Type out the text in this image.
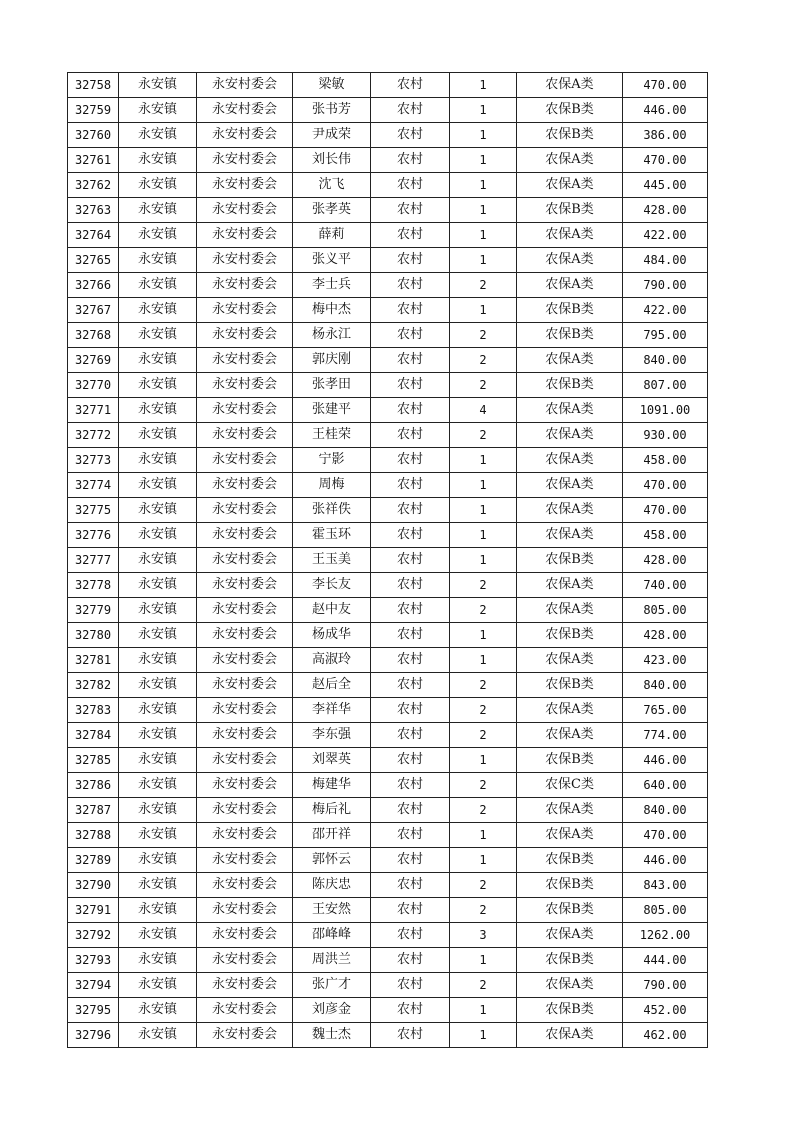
32758	永安镇	永安村委会	梁敏	农村	1	农保A类	470.00
32759	永安镇	永安村委会	张书芳	农村	1	农保B类	446.00
32760	永安镇	永安村委会	尹成荣	农村	1	农保B类	386.00
32761	永安镇	永安村委会	刘长伟	农村	1	农保A类	470.00
32762	永安镇	永安村委会	沈飞	农村	1	农保A类	445.00
32763	永安镇	永安村委会	张孝英	农村	1	农保B类	428.00
32764	永安镇	永安村委会	薛莉	农村	1	农保A类	422.00
32765	永安镇	永安村委会	张义平	农村	1	农保A类	484.00
32766	永安镇	永安村委会	李士兵	农村	2	农保A类	790.00
32767	永安镇	永安村委会	梅中杰	农村	1	农保B类	422.00
32768	永安镇	永安村委会	杨永江	农村	2	农保B类	795.00
32769	永安镇	永安村委会	郭庆刚	农村	2	农保A类	840.00
32770	永安镇	永安村委会	张孝田	农村	2	农保B类	807.00
32771	永安镇	永安村委会	张建平	农村	4	农保A类	1091.00
32772	永安镇	永安村委会	王桂荣	农村	2	农保A类	930.00
32773	永安镇	永安村委会	宁影	农村	1	农保A类	458.00
32774	永安镇	永安村委会	周梅	农村	1	农保A类	470.00
32775	永安镇	永安村委会	张祥佚	农村	1	农保A类	470.00
32776	永安镇	永安村委会	霍玉环	农村	1	农保A类	458.00
32777	永安镇	永安村委会	王玉美	农村	1	农保B类	428.00
32778	永安镇	永安村委会	李长友	农村	2	农保A类	740.00
32779	永安镇	永安村委会	赵中友	农村	2	农保A类	805.00
32780	永安镇	永安村委会	杨成华	农村	1	农保B类	428.00
32781	永安镇	永安村委会	高淑玲	农村	1	农保A类	423.00
32782	永安镇	永安村委会	赵后全	农村	2	农保B类	840.00
32783	永安镇	永安村委会	李祥华	农村	2	农保A类	765.00
32784	永安镇	永安村委会	李东强	农村	2	农保A类	774.00
32785	永安镇	永安村委会	刘翠英	农村	1	农保B类	446.00
32786	永安镇	永安村委会	梅建华	农村	2	农保C类	640.00
32787	永安镇	永安村委会	梅后礼	农村	2	农保A类	840.00
32788	永安镇	永安村委会	邵开祥	农村	1	农保A类	470.00
32789	永安镇	永安村委会	郭怀云	农村	1	农保B类	446.00
32790	永安镇	永安村委会	陈庆忠	农村	2	农保B类	843.00
32791	永安镇	永安村委会	王安然	农村	2	农保B类	805.00
32792	永安镇	永安村委会	邵峰峰	农村	3	农保A类	1262.00
32793	永安镇	永安村委会	周洪兰	农村	1	农保B类	444.00
32794	永安镇	永安村委会	张广才	农村	2	农保A类	790.00
32795	永安镇	永安村委会	刘彦金	农村	1	农保B类	452.00
32796	永安镇	永安村委会	魏士杰	农村	1	农保A类	462.00
